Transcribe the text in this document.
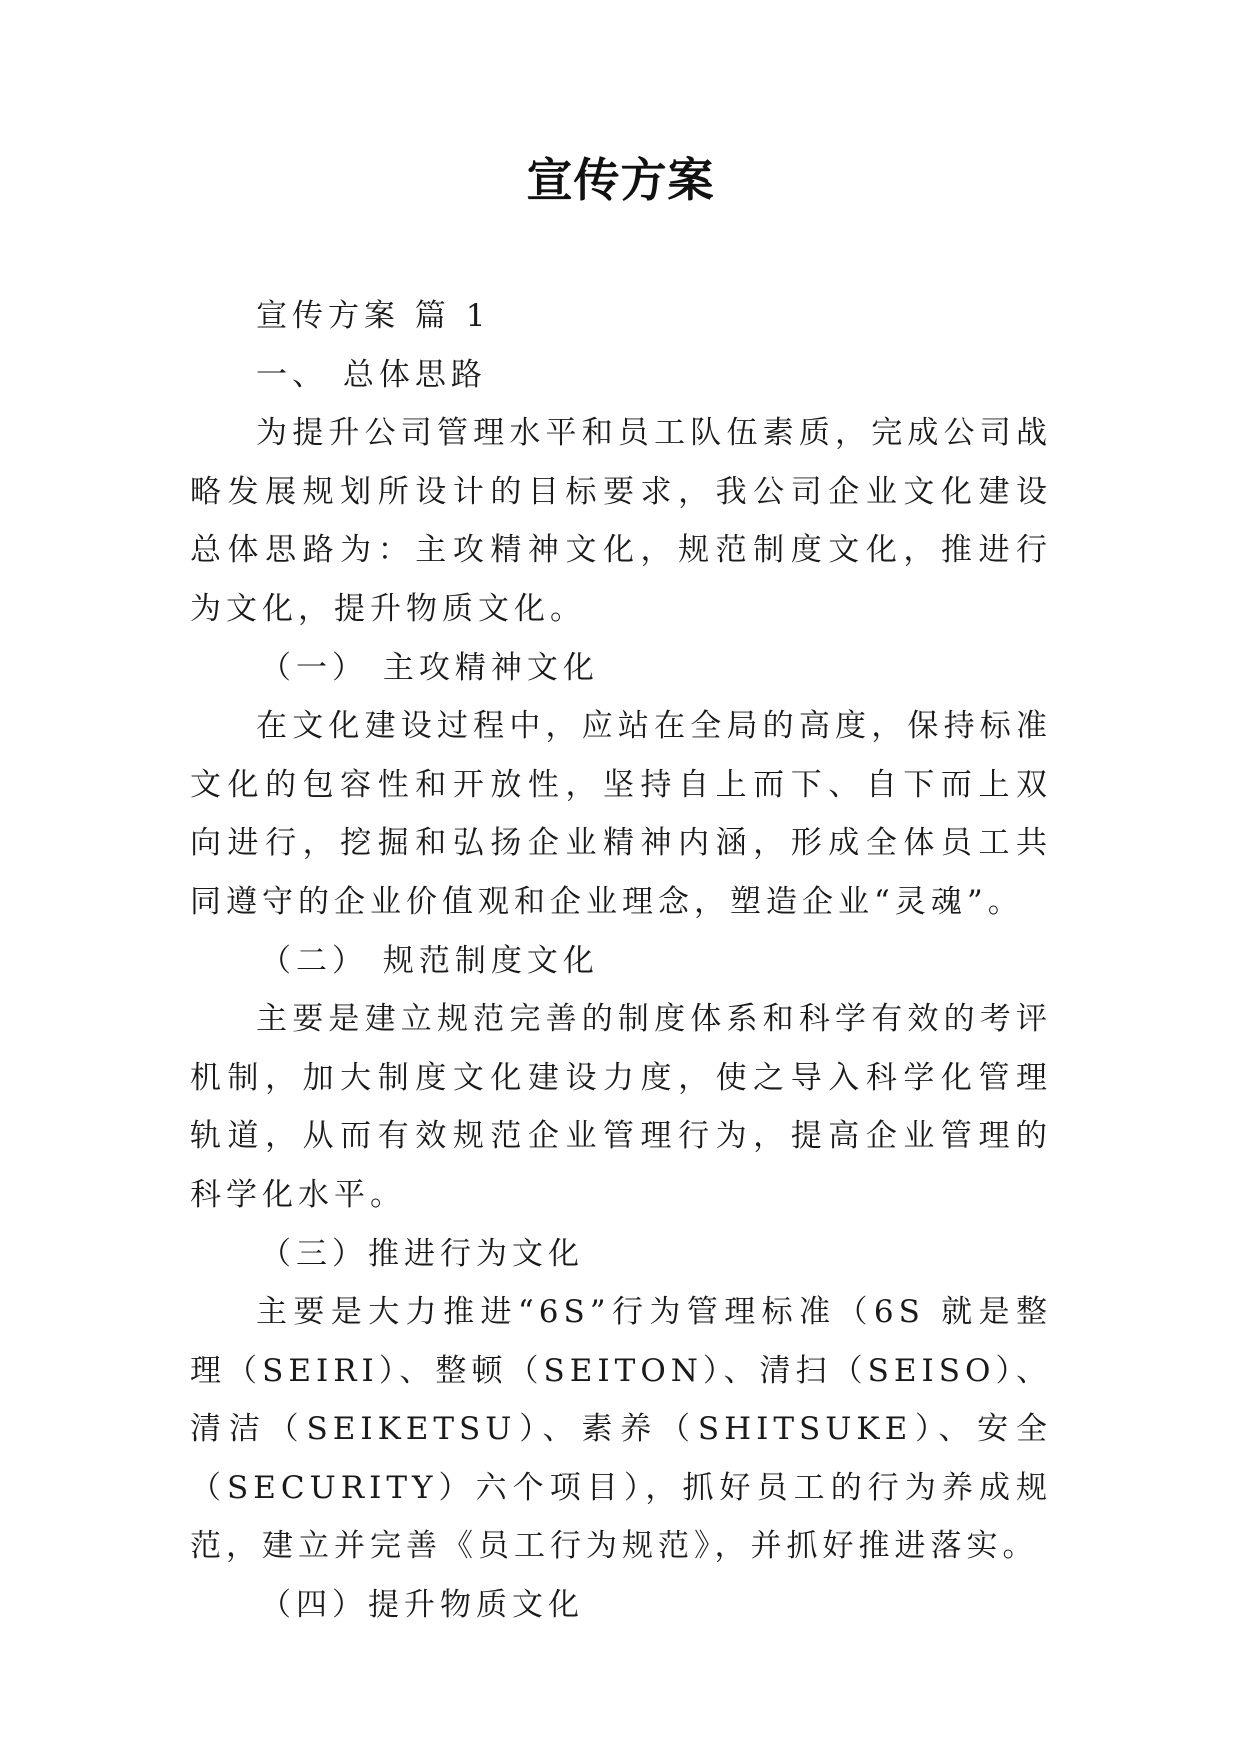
宣传方案

宣传方案 篇 1

一、 总体思路

为提升公司管理水平和员工队伍素质，完成公司战略发展规划所设计的目标要求，我公司企业文化建设总体思路为：主攻精神文化，规范制度文化，推进行为文化，提升物质文化。

（一） 主攻精神文化

在文化建设过程中，应站在全局的高度，保持标准文化的包容性和开放性，坚持自上而下、自下而上双向进行，挖掘和弘扬企业精神内涵，形成全体员工共同遵守的企业价值观和企业理念，塑造企业“灵魂”。

（二） 规范制度文化

主要是建立规范完善的制度体系和科学有效的考评机制，加大制度文化建设力度，使之导入科学化管理轨道，从而有效规范企业管理行为，提高企业管理的科学化水平。

（三）推进行为文化

主要是大力推进“6S”行为管理标准（6S 就是整理（SEIRI）、整顿（SEITON）、清扫（SEISO）、清洁（SEIKETSU）、素养（SHITSUKE）、安全（SECURITY）六个项目），抓好员工的行为养成规范，建立并完善《员工行为规范》，并抓好推进落实。

（四）提升物质文化
